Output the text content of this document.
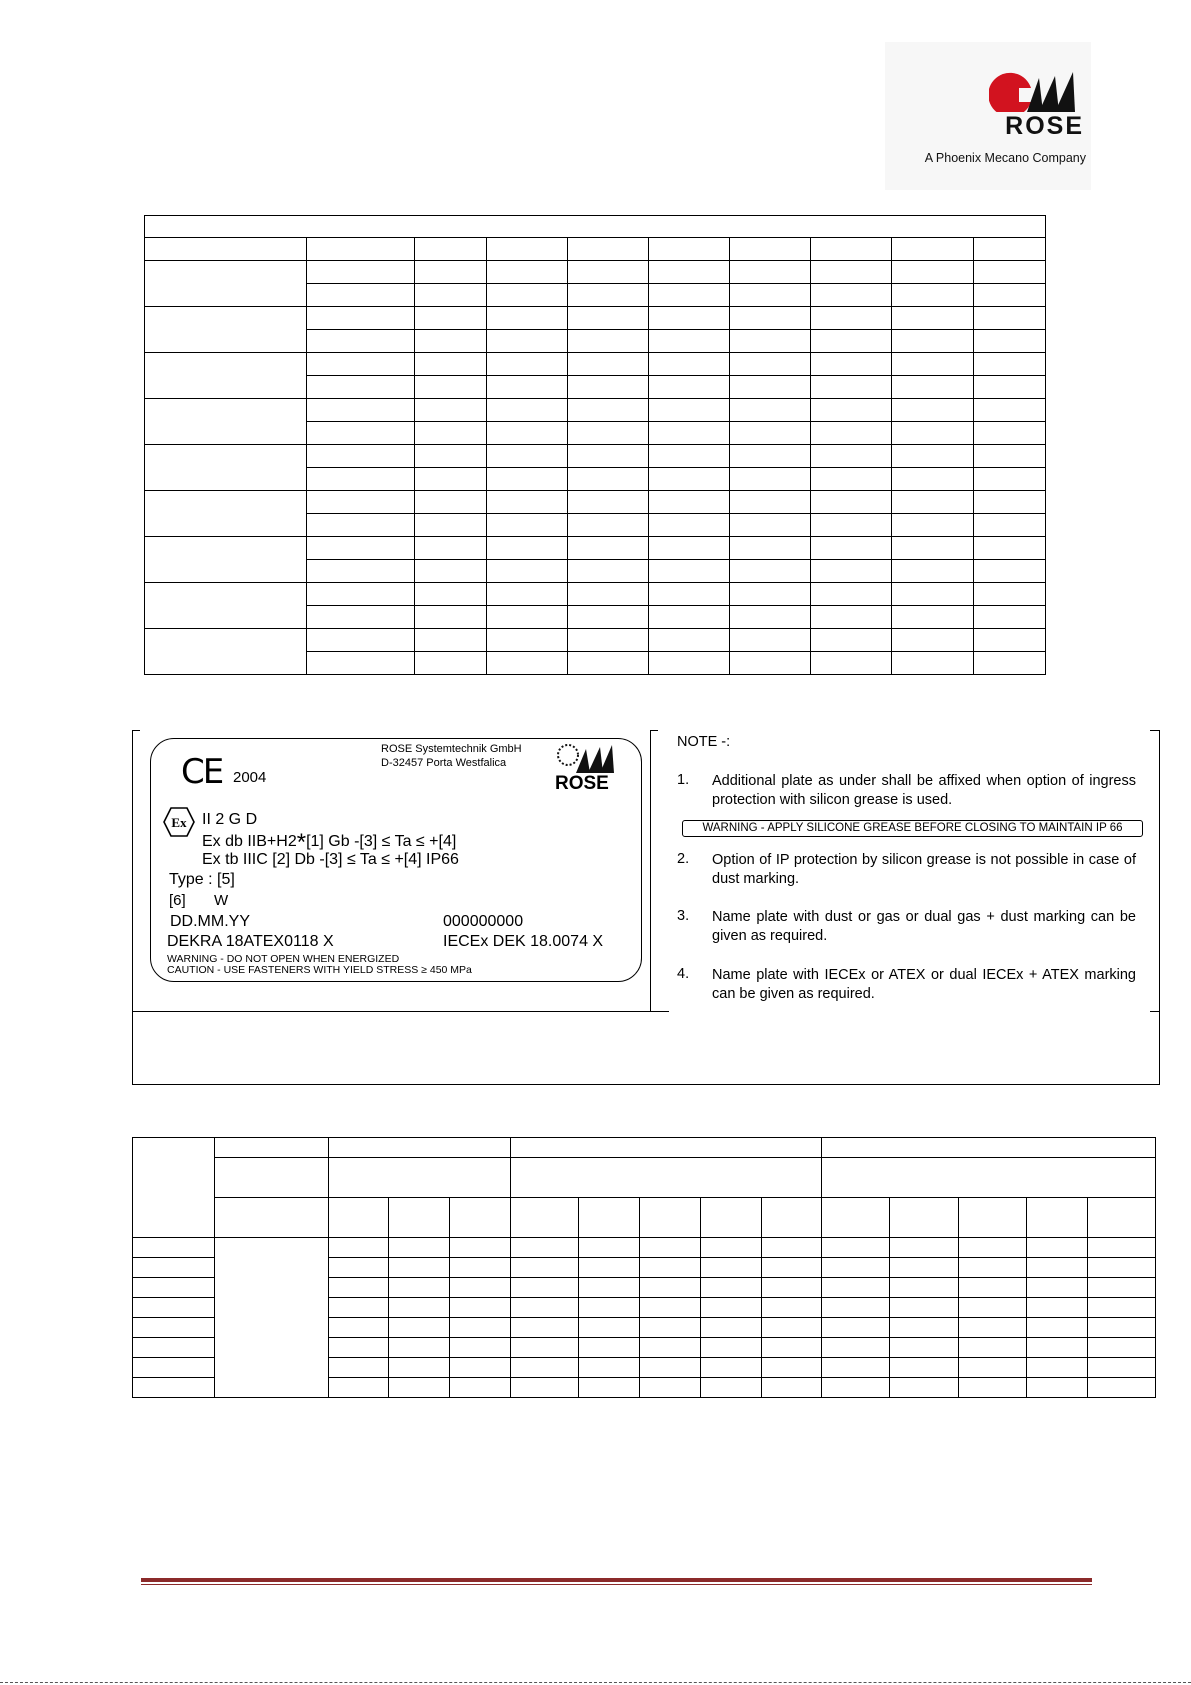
ROSE
A Phoenix Mecano Company

CE 2004
ROSE Systemtechnik GmbH
D-32457 Porta Westfalica
ROSE
Ex II 2 G D
Ex db IIB+H2*[1] Gb -[3] ≤ Ta ≤ +[4]
Ex tb IIIC [2] Db -[3] ≤ Ta ≤ +[4] IP66
Type : [5]
[6] W
DD.MM.YY	000000000
DEKRA 18ATEX0118 X	IECEx DEK 18.0074 X
WARNING - DO NOT OPEN WHEN ENERGIZED
CAUTION - USE FASTENERS WITH YIELD STRESS ≥ 450 MPa
NOTE -:
1. Additional plate as under shall be affixed when option of ingress protection with silicon grease is used.
WARNING - APPLY SILICONE GREASE BEFORE CLOSING TO MAINTAIN IP 66
2. Option of IP protection by silicon grease is not possible in case of dust marking.
3. Name plate with dust or gas or dual gas + dust marking can be given as required.
4. Name plate with IECEx or ATEX or dual IECEx + ATEX marking can be given as required.
